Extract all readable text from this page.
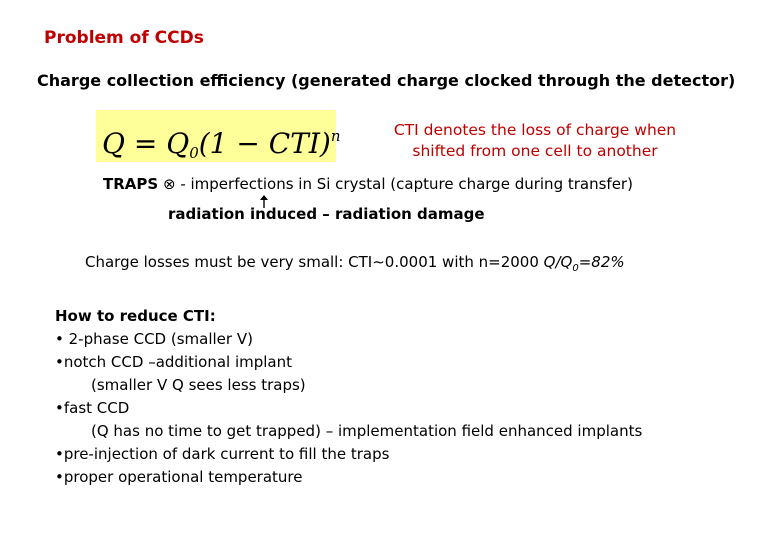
Problem of CCDs
Charge collection efficiency (generated charge clocked through the detector)
$Q = Q_0(1 - CTI)^n$	CTI denotes the loss of charge when shifted from one cell to another
TRAPS ⊗ - imperfections in Si crystal (capture charge during transfer)
radiation induced – radiation damage
Charge losses must be very small: CTI∼0.0001 with n=2000 $Q/Q_0=82\%$
How to reduce CTI:
• 2-phase CCD (smaller V)
•notch CCD –additional implant
(smaller V Q sees less traps)
•fast CCD
(Q has no time to get trapped) – implementation field enhanced implants
•pre-injection of dark current to fill the traps
•proper operational temperature
